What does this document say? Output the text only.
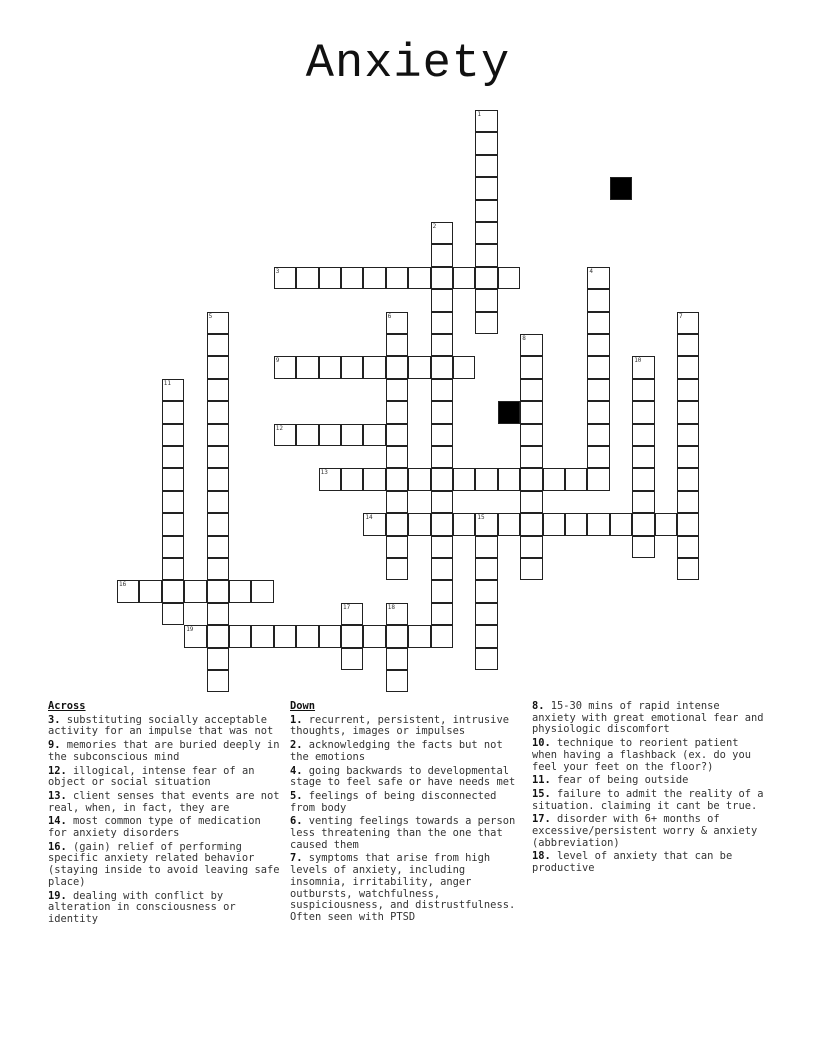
Anxiety
1
2
3	4
5	6	7
8
9	10
11
12
13
14	15
16
17	18
19
Across
3. substituting socially acceptable activity for an impulse that was not
9. memories that are buried deeply in the subconscious mind
12. illogical, intense fear of an object or social situation
13. client senses that events are not real, when, in fact, they are
14. most common type of medication for anxiety disorders
16. (gain) relief of performing specific anxiety related behavior (staying inside to avoid leaving safe place)
19. dealing with conflict by alteration in consciousness or identity
Down
1. recurrent, persistent, intrusive thoughts, images or impulses
2. acknowledging the facts but not the emotions
4. going backwards to developmental stage to feel safe or have needs met
5. feelings of being disconnected from body
6. venting feelings towards a person less threatening than the one that caused them
7. symptoms that arise from high levels of anxiety, including insomnia, irritability, anger outbursts, watchfulness, suspiciousness, and distrustfulness. Often seen with PTSD
8. 15-30 mins of rapid intense anxiety with great emotional fear and physiologic discomfort
10. technique to reorient patient when having a flashback (ex. do you feel your feet on the floor?)
11. fear of being outside
15. failure to admit the reality of a situation. claiming it cant be true.
17. disorder with 6+ months of excessive/persistent worry & anxiety (abbreviation)
18. level of anxiety that can be productive
